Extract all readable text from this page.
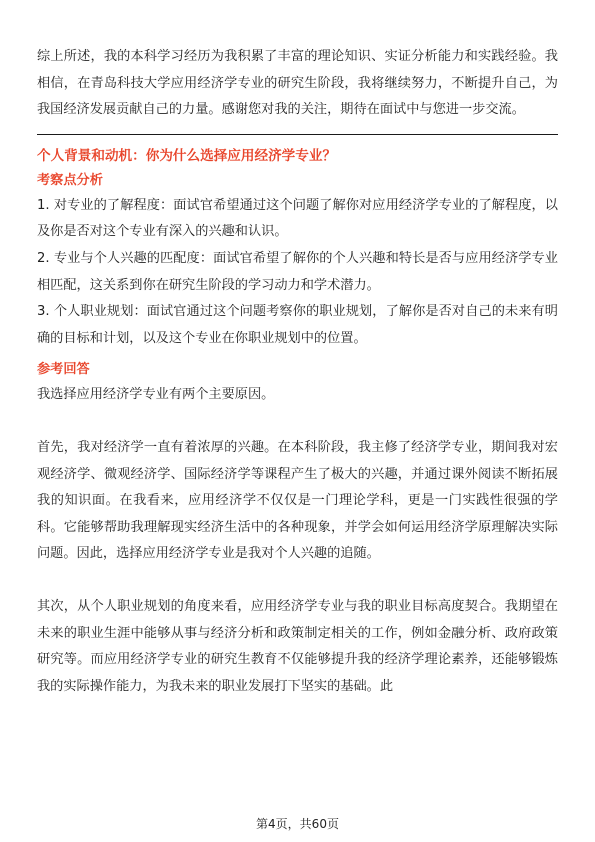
综上所述，我的本科学习经历为我积累了丰富的理论知识、实证分析能力和实践经验。我相信，在青岛科技大学应用经济学专业的研究生阶段，我将继续努力，不断提升自己，为我国经济发展贡献自己的力量。感谢您对我的关注，期待在面试中与您进一步交流。

个人背景和动机：你为什么选择应用经济学专业？

考察点分析

1. 对专业的了解程度：面试官希望通过这个问题了解你对应用经济学专业的了解程度，以及你是否对这个专业有深入的兴趣和认识。

2. 专业与个人兴趣的匹配度：面试官希望了解你的个人兴趣和特长是否与应用经济学专业相匹配，这关系到你在研究生阶段的学习动力和学术潜力。

3. 个人职业规划：面试官通过这个问题考察你的职业规划，了解你是否对自己的未来有明确的目标和计划，以及这个专业在你职业规划中的位置。

参考回答

我选择应用经济学专业有两个主要原因。

首先，我对经济学一直有着浓厚的兴趣。在本科阶段，我主修了经济学专业，期间我对宏观经济学、微观经济学、国际经济学等课程产生了极大的兴趣，并通过课外阅读不断拓展我的知识面。在我看来，应用经济学不仅仅是一门理论学科，更是一门实践性很强的学科。它能够帮助我理解现实经济生活中的各种现象，并学会如何运用经济学原理解决实际问题。因此，选择应用经济学专业是我对个人兴趣的追随。

其次，从个人职业规划的角度来看，应用经济学专业与我的职业目标高度契合。我期望在未来的职业生涯中能够从事与经济分析和政策制定相关的工作，例如金融分析、政府政策研究等。而应用经济学专业的研究生教育不仅能够提升我的经济学理论素养，还能够锻炼我的实际操作能力，为我未来的职业发展打下坚实的基础。此

第4页，共60页
